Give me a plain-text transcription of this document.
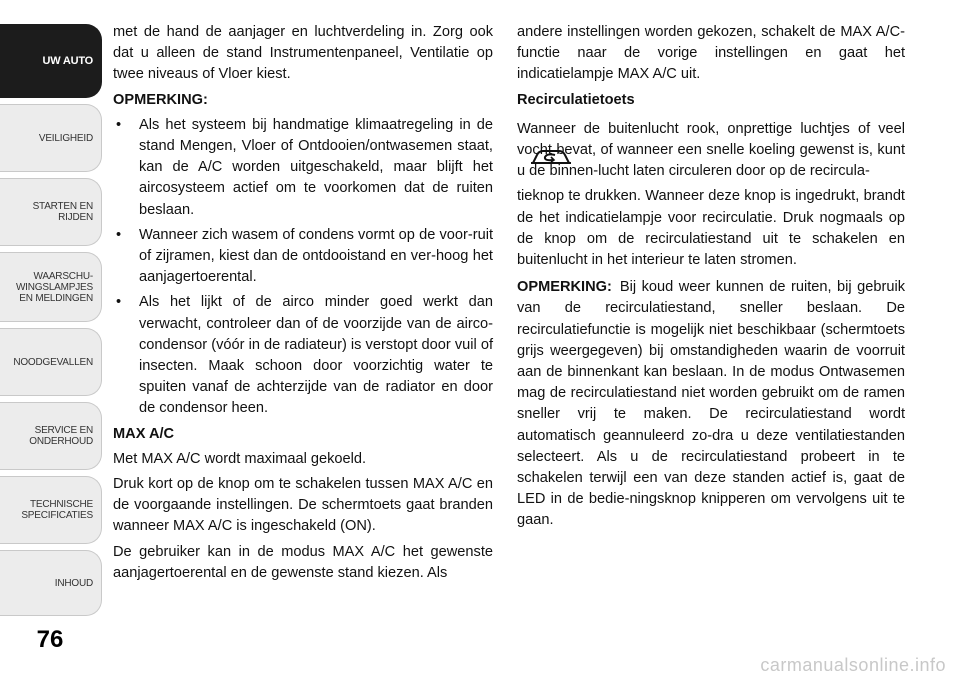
UW AUTO
VEILIGHEID
STARTEN EN
RIJDEN
WAARSCHU-
WINGSLAMPJES
EN MELDINGEN
NOODGEVALLEN
SERVICE EN
ONDERHOUD
TECHNISCHE
SPECIFICATIES
INHOUD
76

met de hand de aanjager en luchtverdeling in. Zorg ook dat u alleen de stand Instrumentenpaneel, Ventilatie op twee niveaus of Vloer kiest.

OPMERKING:

• Als het systeem bij handmatige klimaatregeling in de stand Mengen, Vloer of Ontdooien/ontwasemen staat, kan de A/C worden uitgeschakeld, maar blijft het aircosysteem actief om te voorkomen dat de ruiten beslaan.
• Wanneer zich wasem of condens vormt op de voor-ruit of zijramen, kiest dan de ontdooistand en ver-hoog het aanjagertoerental.
• Als het lijkt of de airco minder goed werkt dan verwacht, controleer dan of de voorzijde van de airco-condensor (vóór in de radiateur) is verstopt door vuil of insecten. Maak schoon door voorzichtig water te spuiten vanaf de achterzijde van de radiator en door de condensor heen.

MAX A/C

Met MAX A/C wordt maximaal gekoeld.

Druk kort op de knop om te schakelen tussen MAX A/C en de voorgaande instellingen. De schermtoets gaat branden wanneer MAX A/C is ingeschakeld (ON).

De gebruiker kan in de modus MAX A/C het gewenste aanjagertoerental en de gewenste stand kiezen. Als

andere instellingen worden gekozen, schakelt de MAX A/C-functie naar de vorige instellingen en gaat het indicatielampje MAX A/C uit.

Recirculatietoets

Wanneer de buitenlucht rook, onprettige luchtjes of veel vocht bevat, of wanneer een snelle koeling gewenst is, kunt u de binnen-lucht laten circuleren door op de recircula-

tieknop te drukken. Wanneer deze knop is ingedrukt, brandt de het indicatielampje voor recirculatie. Druk nogmaals op de knop om de recirculatiestand uit te schakelen en buitenlucht in het interieur te laten stromen.

OPMERKING: Bij koud weer kunnen de ruiten, bij gebruik van de recirculatiestand, sneller beslaan. De recirculatiefunctie is mogelijk niet beschikbaar (schermtoets grijs weergegeven) bij omstandigheden waarin de voorruit aan de binnenkant kan beslaan. In de modus Ontwasemen mag de recirculatiestand niet worden gebruikt om de ramen sneller vrij te maken. De recirculatiestand wordt automatisch geannuleerd zo-dra u deze ventilatiestanden selecteert. Als u de recirculatiestand probeert in te schakelen terwijl een van deze standen actief is, gaat de LED in de bedie-ningsknop knipperen om vervolgens uit te gaan.

carmanualsonline.info
